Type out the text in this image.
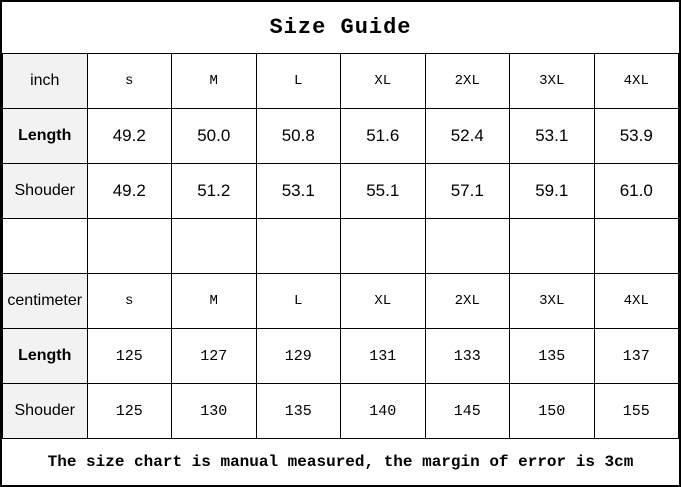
Size Guide
inch	s	M	L	XL	2XL	3XL	4XL
Length	49.2	50.0	50.8	51.6	52.4	53.1	53.9
Shouder	49.2	51.2	53.1	55.1	57.1	59.1	61.0

centimeter	s	M	L	XL	2XL	3XL	4XL
Length	125	127	129	131	133	135	137
Shouder	125	130	135	140	145	150	155
The size chart is manual measured, the margin of error is 3cm
